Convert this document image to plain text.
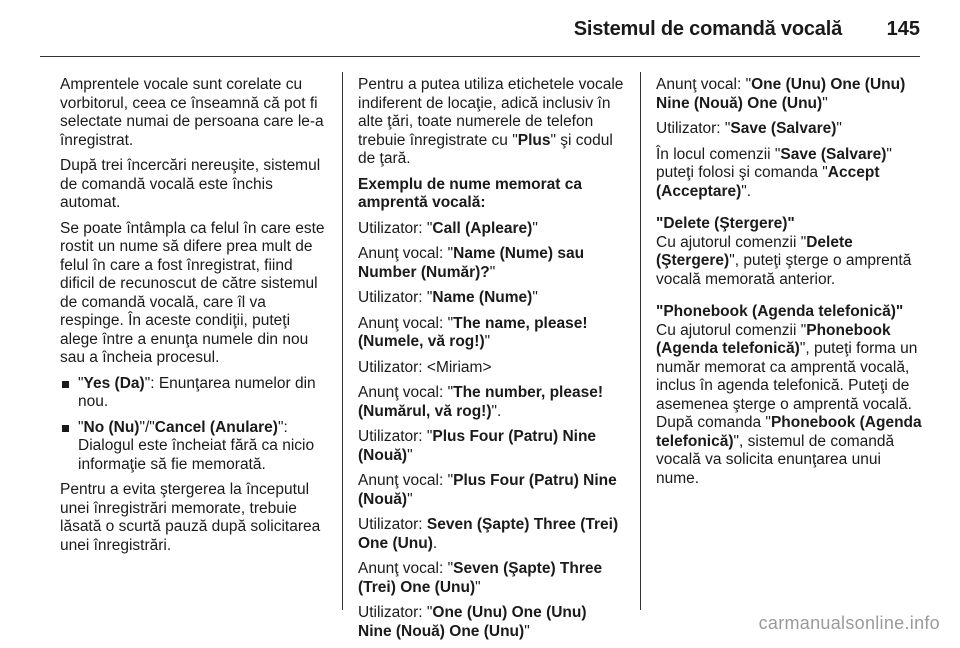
Sistemul de comandă vocală 145

Amprentele vocale sunt corelate cu vorbitorul, ceea ce înseamnă că pot fi selectate numai de persoana care le-a înregistrat.

După trei încercări nereuşite, sistemul de comandă vocală este închis automat.

Se poate întâmpla ca felul în care este rostit un nume să difere prea mult de felul în care a fost înregistrat, fiind dificil de recunoscut de către sistemul de comandă vocală, care îl va respinge. În aceste condiţii, puteţi alege între a enunţa numele din nou sau a încheia procesul.

"Yes (Da)": Enunţarea numelor din nou.
"No (Nu)"/"Cancel (Anulare)": Dialogul este încheiat fără ca nicio informaţie să fie memorată.

Pentru a evita ştergerea la începutul unei înregistrări memorate, trebuie lăsată o scurtă pauză după solicitarea unei înregistrări.

Pentru a putea utiliza etichetele vocale indiferent de locaţie, adică inclusiv în alte ţări, toate numerele de telefon trebuie înregistrate cu "Plus" şi codul de ţară.

Exemplu de nume memorat ca amprentă vocală:

Utilizator: "Call (Apleare)"

Anunţ vocal: "Name (Nume) sau Number (Număr)?"

Utilizator: "Name (Nume)"

Anunţ vocal: "The name, please! (Numele, vă rog!)"

Utilizator: <Miriam>

Anunţ vocal: "The number, please! (Numărul, vă rog!)".

Utilizator: "Plus Four (Patru) Nine (Nouă)"

Anunţ vocal: "Plus Four (Patru) Nine (Nouă)"

Utilizator: Seven (Şapte) Three (Trei) One (Unu).

Anunţ vocal: "Seven (Şapte) Three (Trei) One (Unu)"

Utilizator: "One (Unu) One (Unu) Nine (Nouă) One (Unu)"

Anunţ vocal: "One (Unu) One (Unu) Nine (Nouă) One (Unu)"

Utilizator: "Save (Salvare)"

În locul comenzii "Save (Salvare)" puteţi folosi şi comanda "Accept (Acceptare)".

"Delete (Ştergere)"

Cu ajutorul comenzii "Delete (Ştergere)", puteţi şterge o amprentă vocală memorată anterior.

"Phonebook (Agenda telefonică)"

Cu ajutorul comenzii "Phonebook (Agenda telefonică)", puteţi forma un număr memorat ca amprentă vocală, inclus în agenda telefonică. Puteţi de asemenea şterge o amprentă vocală. După comanda "Phonebook (Agenda telefonică)", sistemul de comandă vocală va solicita enunţarea unui nume.

carmanualsonline.info
